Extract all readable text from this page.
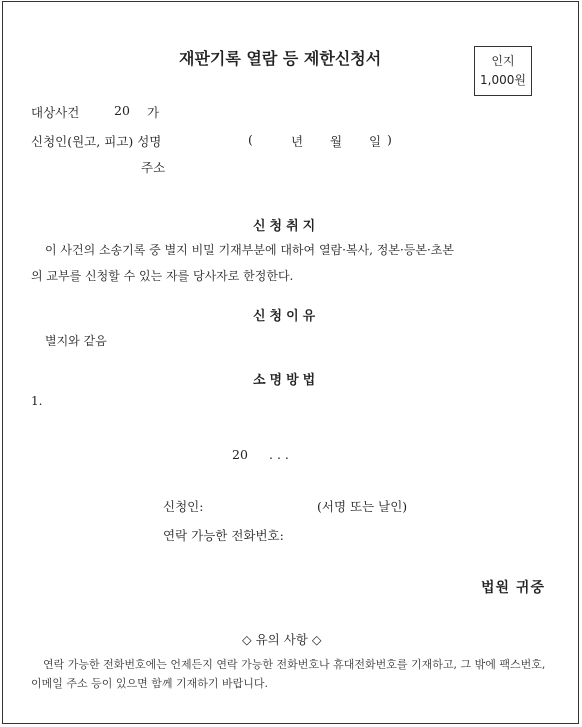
재판기록 열람 등 제한신청서	인지
1,000원
대상사건	20 가
신청인(원고, 피고) 성명	(	년 월 일 )
주소
신청취지
이 사건의 소송기록 중 별지 비밀 기재부분에 대하여 열람·복사, 정본·등본·초본
의 교부를 신청할 수 있는 자를 당사자로 한정한다.
신청이유
별지와 같음
소명방법
1.
20 . . .
신청인:	(서명 또는 날인)
연락 가능한 전화번호:
법원 귀중
◇ 유의 사항 ◇
연락 가능한 전화번호에는 언제든지 연락 가능한 전화번호나 휴대전화번호를 기재하고, 그 밖에 팩스번호,
이메일 주소 등이 있으면 함께 기재하기 바랍니다.
